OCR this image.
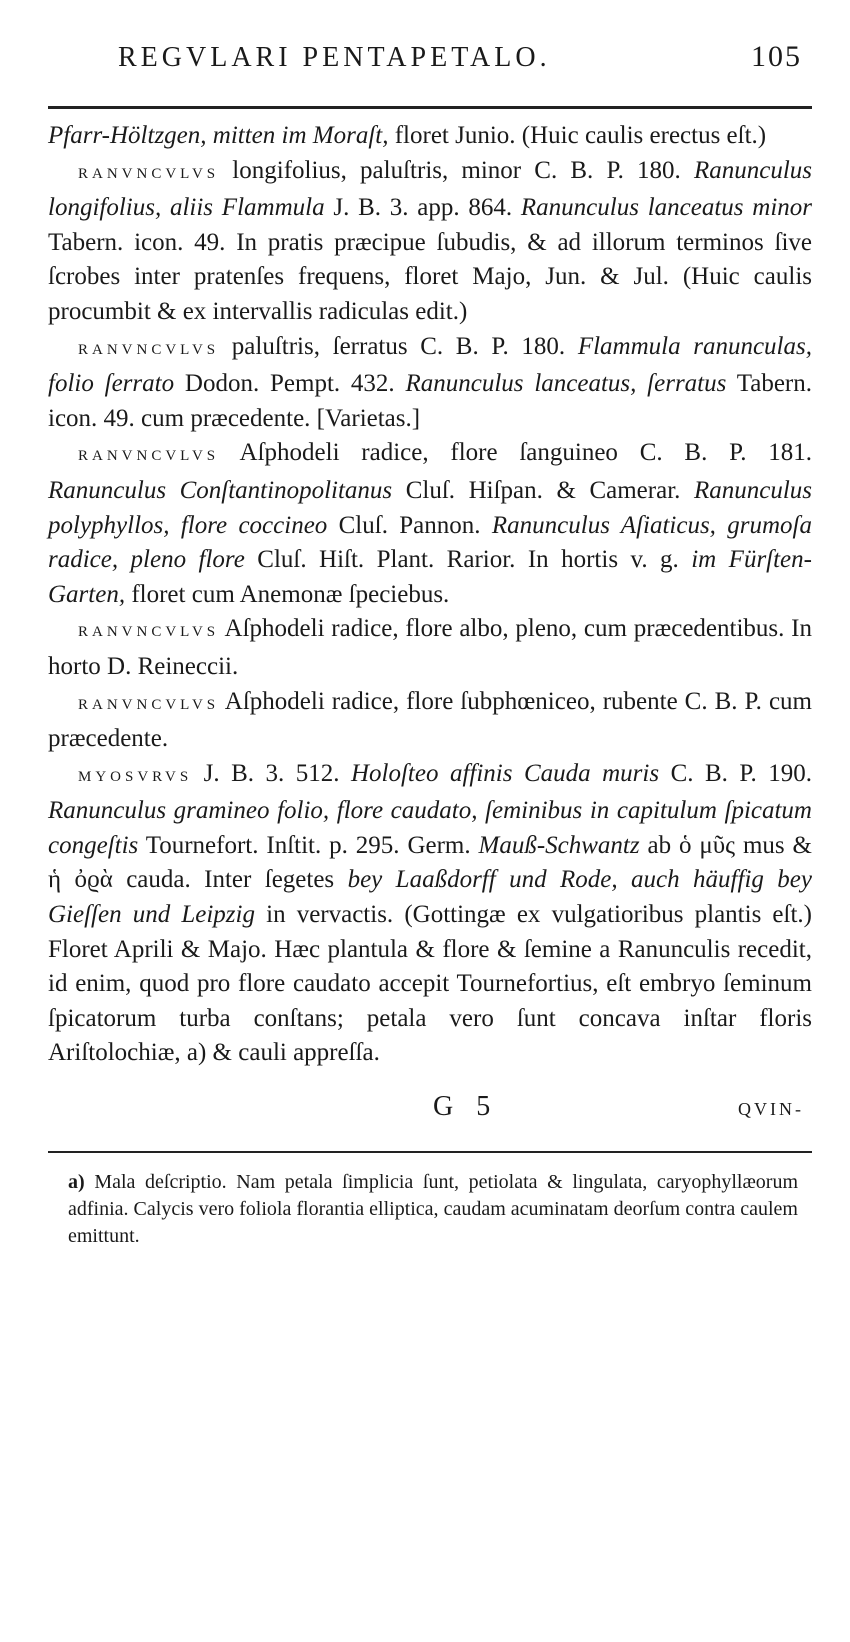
REGVLARI PENTAPETALO.	105

Pfarr-Höltzgen, mitten im Moraſt, floret Junio. (Huic caulis erectus eſt.)

RANVNCVLVS longifolius, paluſtris, minor C. B. P. 180. Ranunculus longifolius, aliis Flammula J. B. 3. app. 864. Ranunculus lanceatus minor Tabern. icon. 49. In pratis præcipue ſubudis, & ad illorum terminos ſive ſcrobes inter pratenſes frequens, floret Majo, Jun. & Jul. (Huic caulis procumbit & ex intervallis radiculas edit.)

RANVNCVLVS paluſtris, ſerratus C. B. P. 180. Flammula ranunculas, folio ſerrato Dodon. Pempt. 432. Ranunculus lanceatus, ſerratus Tabern. icon. 49. cum præcedente. [Varietas.]

RANVNCVLVS Aſphodeli radice, flore ſanguineo C. B. P. 181. Ranunculus Conſtantinopolitanus Cluſ. Hiſpan. & Camerar. Ranunculus polyphyllos, flore coccineo Cluſ. Pannon. Ranunculus Aſiaticus, grumoſa radice, pleno flore Cluſ. Hiſt. Plant. Rarior. In hortis v. g. im Fürſten-Garten, floret cum Anemonæ ſpeciebus.

RANVNCVLVS Aſphodeli radice, flore albo, pleno, cum præcedentibus. In horto D. Reineccii.

RANVNCVLVS Aſphodeli radice, flore ſubphœniceo, rubente C. B. P. cum præcedente.

MYOSVRVS J. B. 3. 512. Holoſteo affinis Cauda muris C. B. P. 190. Ranunculus gramineo folio, flore caudato, ſeminibus in capitulum ſpicatum congeſtis Tournefort. Inſtit. p. 295. Germ. Mauß-Schwantz ab ὁ μῦς mus & ἡ ὀϱὰ cauda. Inter ſegetes bey Laaßdorff und Rode, auch häuffig bey Gieſſen und Leipzig in vervactis. (Gottingæ ex vulgatioribus plantis eſt.) Floret Aprili & Majo. Hæc plantula & flore & ſemine a Ranunculis recedit, id enim, quod pro flore caudato accepit Tournefortius, eſt embryo ſeminum ſpicatorum turba conſtans; petala vero ſunt concava inſtar floris Ariſtolochiæ, a) & cauli appreſſa.

G 5	QVIN-
a) Mala deſcriptio. Nam petala ſimplicia ſunt, petiolata & lingulata, caryophyllæorum adfinia. Calycis vero foliola florantia elliptica, caudam acuminatam deorſum contra caulem emittunt.
